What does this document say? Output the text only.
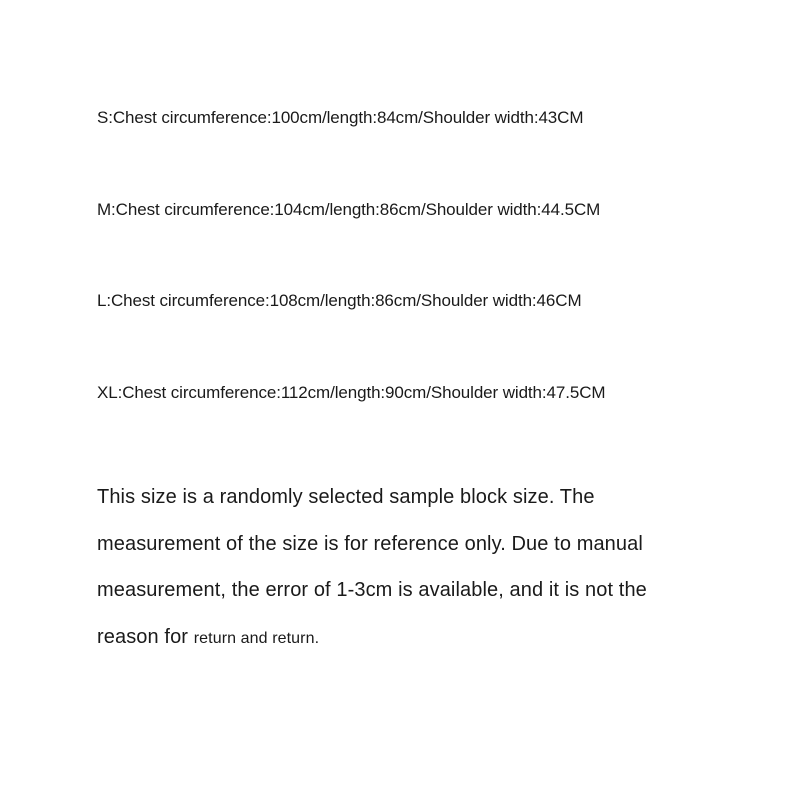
S:Chest circumference:100cm/length:84cm/Shoulder width:43CM

M:Chest circumference:104cm/length:86cm/Shoulder width:44.5CM

L:Chest circumference:108cm/length:86cm/Shoulder width:46CM

XL:Chest circumference:112cm/length:90cm/Shoulder width:47.5CM

This size is a randomly selected sample block size. The
measurement of the size is for reference only. Due to manual
measurement, the error of 1-3cm is available, and it is not the
reason for return and return.
